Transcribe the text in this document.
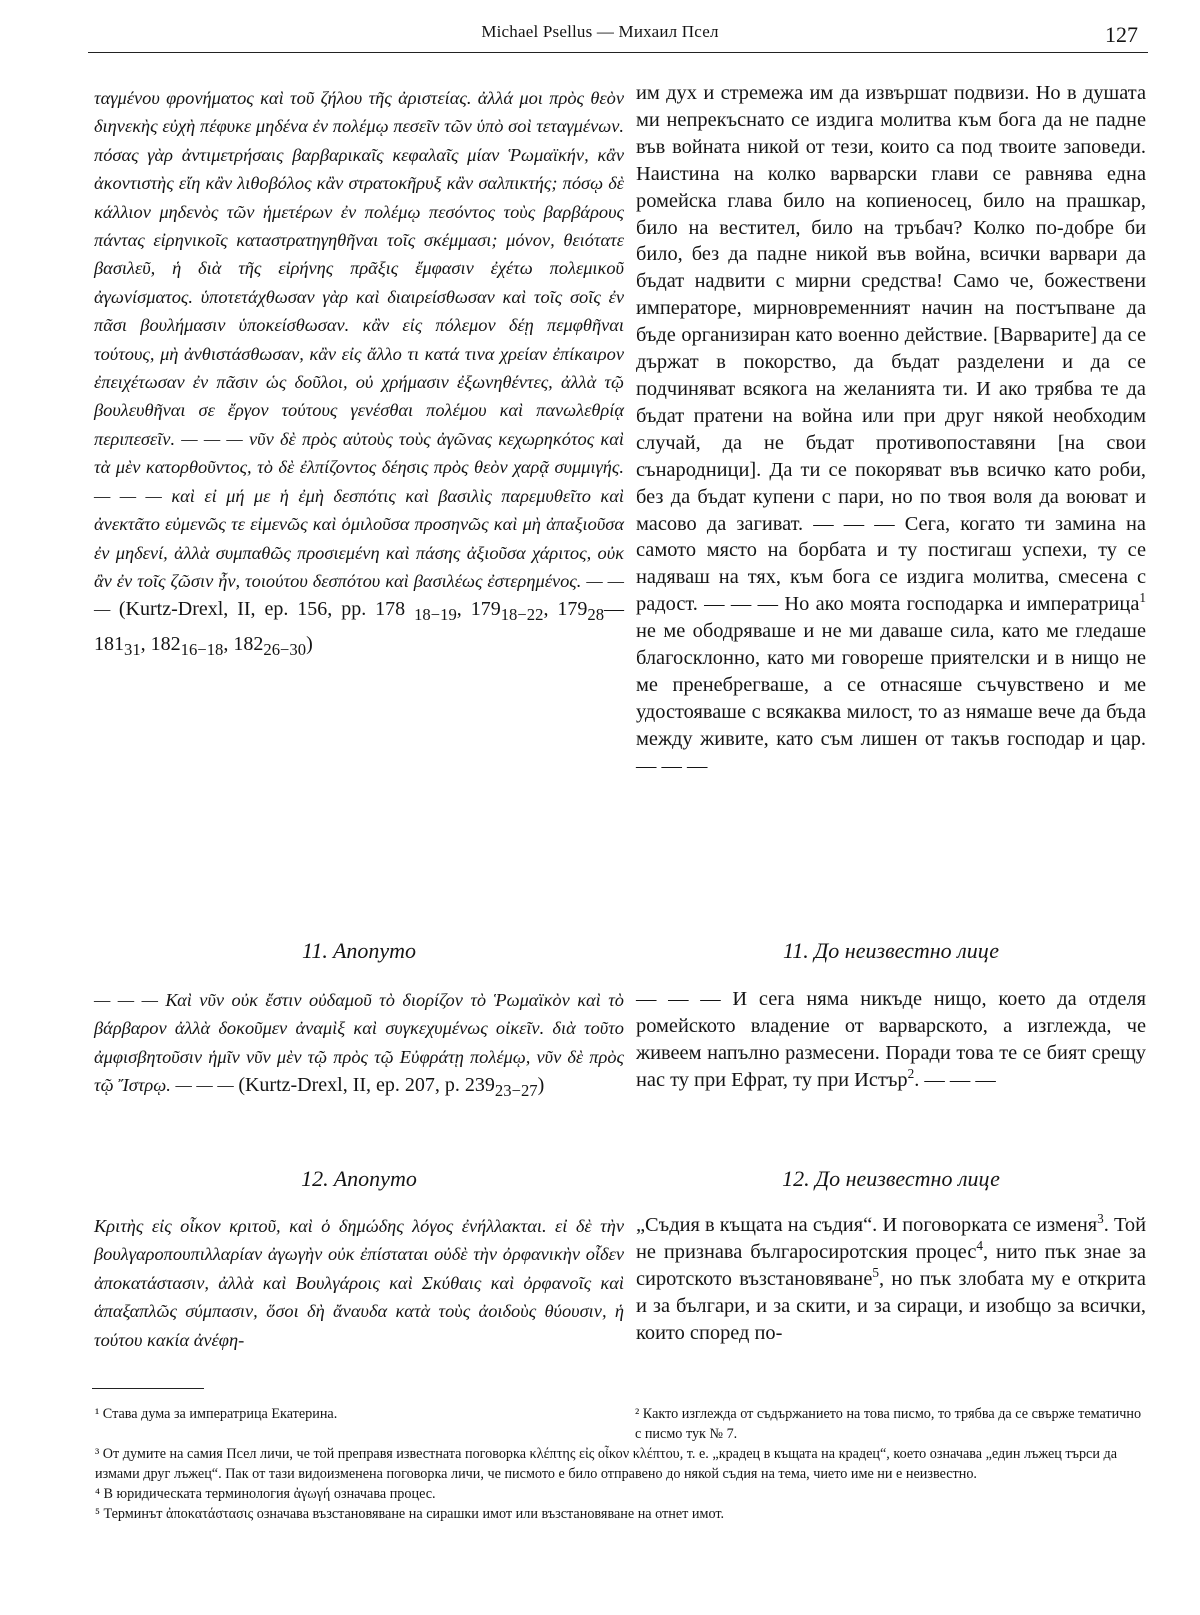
Michael Psellus — Михаил Псел	127

ταγμένου φρονήματος καὶ τοῦ ζήλου τῆς ἀριστείας. ἀλλά μοι πρὸς θεὸν διηνεκὴς εὐχὴ πέφυκε μηδένα ἐν πολέμῳ πεσεῖν τῶν ὑπὸ σοὶ τεταγμένων. πόσας γὰρ ἀντιμετρήσαις βαρβαρικαῖς κεφαλαῖς μίαν Ῥωμαϊκήν, κἂν ἀκοντιστὴς εἴη κἂν λιθοβόλος κἂν στρατοκῆρυξ κἂν σαλπικτής; πόσῳ δὲ κάλλιον μηδενὸς τῶν ἡμετέρων ἐν πολέμῳ πεσόντος τοὺς βαρβάρους πάντας εἰρηνικοῖς καταστρατηγηθῆναι τοῖς σκέμμασι; μόνον, θειότατε βασιλεῦ, ἡ διὰ τῆς εἰρήνης πρᾶξις ἔμφασιν ἐχέτω πολεμικοῦ ἀγωνίσματος. ὑποτετάχθωσαν γὰρ καὶ διαιρείσθωσαν καὶ τοῖς σοῖς ἐν πᾶσι βουλήμασιν ὑποκείσθωσαν. κἂν εἰς πόλεμον δέῃ πεμφθῆναι τούτους, μὴ ἀνθιστάσθωσαν, κἂν εἰς ἄλλο τι κατά τινα χρείαν ἐπίκαιρον ἐπειχέτωσαν ἐν πᾶσιν ὡς δοῦλοι, οὐ χρήμασιν ἐξωνηθέντες, ἀλλὰ τῷ βουλευθῆναι σε ἔργον τούτους γενέσθαι πολέμου καὶ πανωλεθρίᾳ περιπεσεῖν. — — — νῦν δὲ πρὸς αὐτοὺς τοὺς ἀγῶνας κεχωρηκότος καὶ τὰ μὲν κατορθοῦντος, τὸ δὲ ἐλπίζοντος δέησις πρὸς θεὸν χαρᾷ συμμιγής. — — — καὶ εἰ μή με ἡ ἐμὴ δεσπότις καὶ βασιλὶς παρεμυθεῖτο καὶ ἀνεκτᾶτο εὐμενῶς τε εἰμενῶς καὶ ὁμιλοῦσα προσηνῶς καὶ μὴ ἀπαξιοῦσα ἐν μηδενί, ἀλλὰ συμπαθῶς προσιεμένη καὶ πάσης ἀξιοῦσα χάριτος, οὐκ ἂν ἐν τοῖς ζῶσιν ἦν, τοιούτου δεσπότου καὶ βασιλέως ἐστερημένος. — — — (Kurtz-Drexl, II, ep. 156, pp. 178 $_{18-19}$, $179_{18-22}$, $179_{28}—181_{31}$, $182_{16-18}$, $182_{26-30}$)

им дух и стремежа им да извършат подвизи. Но в душата ми непрекъснато се издига молитва към бога да не падне във войната никой от тези, които са под твоите заповеди. Наистина на колко варварски глави се равнява една ромейска глава било на копиеносец, било на прашкар, било на вестител, било на тръбач? Колко по-добре би било, без да падне никой във война, всички варвари да бъдат надвити с мирни средства! Само че, божествени императоре, мирновременният начин на постъпване да бъде организиран като военно действие. [Варварите] да се държат в покорство, да бъдат разделени и да се подчиняват всякога на желанията ти. И ако трябва те да бъдат пратени на война или при друг някой необходим случай, да не бъдат противопоставяни [на свои сънародници]. Да ти се покоряват във всичко като роби, без да бъдат купени с пари, но по твоя воля да воюват и масово да загиват. — — — Сега, когато ти замина на самото място на борбата и ту постигаш успехи, ту се надяваш на тях, към бога се издига молитва, смесена с радост. — — — Но ако моята господарка и императрица$^1$ не ме ободряваше и не ми даваше сила, като ме гледаше благосклонно, като ми говореше приятелски и в нищо не ме пренебрегваше, а се отнасяше съчувствено и ме удостояваше с всякаква милост, то аз нямаше вече да бъда между живите, като съм лишен от такъв господар и цар. — — —

11. Anonymo	11. До неизвестно лице

— — — Καὶ νῦν οὐκ ἔστιν οὐδαμοῦ τὸ διορίζον τὸ Ῥωμαϊκὸν καὶ τὸ βάρβαρον ἀλλὰ δοκοῦμεν ἀναμὶξ καὶ συγκεχυμένως οἰκεῖν. διὰ τοῦτο ἀμφισβητοῦσιν ἡμῖν νῦν μὲν τῷ πρὸς τῷ Εὐφράτῃ πολέμῳ, νῦν δὲ πρὸς τῷ Ἴστρῳ. — — — (Kurtz-Drexl, II, ep. 207, p. $239_{23-27}$)

— — — И сега няма никъде нищо, което да отделя ромейското владение от варварското, а изглежда, че живеем напълно размесени. Поради това те се бият срещу нас ту при Ефрат, ту при Истър$^2$. — — —

12. Anonymo	12. До неизвестно лице

Κριτὴς εἰς οἶκον κριτοῦ, καὶ ὁ δημώδης λόγος ἐνήλλακται. εἰ δὲ τὴν βουλγαροπουπιλλαρίαν ἀγωγὴν οὐκ ἐπίσταται οὐδὲ τὴν ὀρφανικὴν οἶδεν ἀποκατάστασιν, ἀλλὰ καὶ Βουλγάροις καὶ Σκύθαις καὶ ὀρφανοῖς καὶ ἁπαξαπλῶς σύμπασιν, ὅσοι δὴ ἄναυδα κατὰ τοὺς ἀοιδοὺς θύουσιν, ἡ τούτου κακία ἀνέφη-

„Съдия в къщата на съдия“. И поговорката се изменя$^3$. Той не признава българосиротския процес$^4$, нито пък знае за сиротското възстановяване$^5$, но пък злобата му е открита и за българи, и за скити, и за сираци, и изобщо за всички, които според по-

¹ Става дума за императрица Екатерина.	² Както изглежда от съдържанието на това писмо, то трябва да се свърже тематично с писмо тук № 7.
³ От думите на самия Псел личи, че той преправя известната поговорка κλέπτης εἰς οἶκον κλέπτου, т. е. „крадец в къщата на крадец“, което означава „един лъжец търси да измами друг лъжец“. Пак от тази видоизменена поговорка личи, че писмото е било отправено до някой съдия на тема, чието име ни е неизвестно.
⁴ В юридическата терминология ἀγωγή означава процес.
⁵ Терминът ἀποκατάστασις означава възстановяване на сирашки имот или възстановяване на отнет имот.
